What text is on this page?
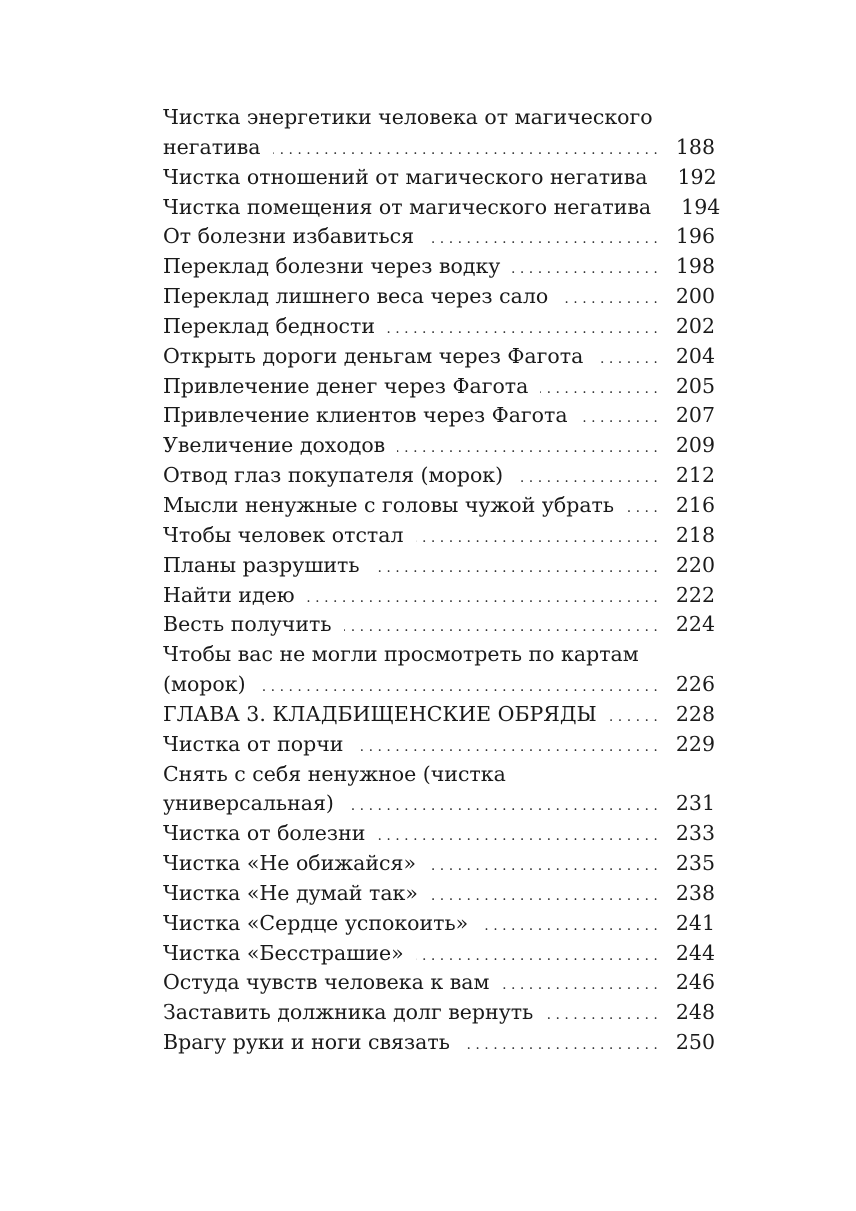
Чистка энергетики человека от магического
негатива . . .	188
Чистка отношений от магического негатива 192
Чистка помещения от магического негатива 194
От болезни избавиться . . .	196
Переклад болезни через водку . . .	198
Переклад лишнего веса через сало . . .	200
Переклад бедности . . .	202
Открыть дороги деньгам через Фагота . . .	204
Привлечение денег через Фагота . . .	205
Привлечение клиентов через Фагота . . .	207
Увеличение доходов . . .	209
Отвод глаз покупателя (морок) . . .	212
Мысли ненужные с головы чужой убрать . . .	216
Чтобы человек отстал . . .	218
Планы разрушить . . .	220
Найти идею . . .	222
Весть получить . . .	224
Чтобы вас не могли просмотреть по картам
(морок) . . .	226
ГЛАВА 3. КЛАДБИЩЕНСКИЕ ОБРЯДЫ . . .	228
Чистка от порчи . . .	229
Снять с себя ненужное (чистка
универсальная) . . .	231
Чистка от болезни . . .	233
Чистка «Не обижайся» . . .	235
Чистка «Не думай так» . . .	238
Чистка «Сердце успокоить» . . .	241
Чистка «Бесстрашие» . . .	244
Остуда чувств человека к вам . . .	246
Заставить должника долг вернуть . . .	248
Врагу руки и ноги связать . . .	250
